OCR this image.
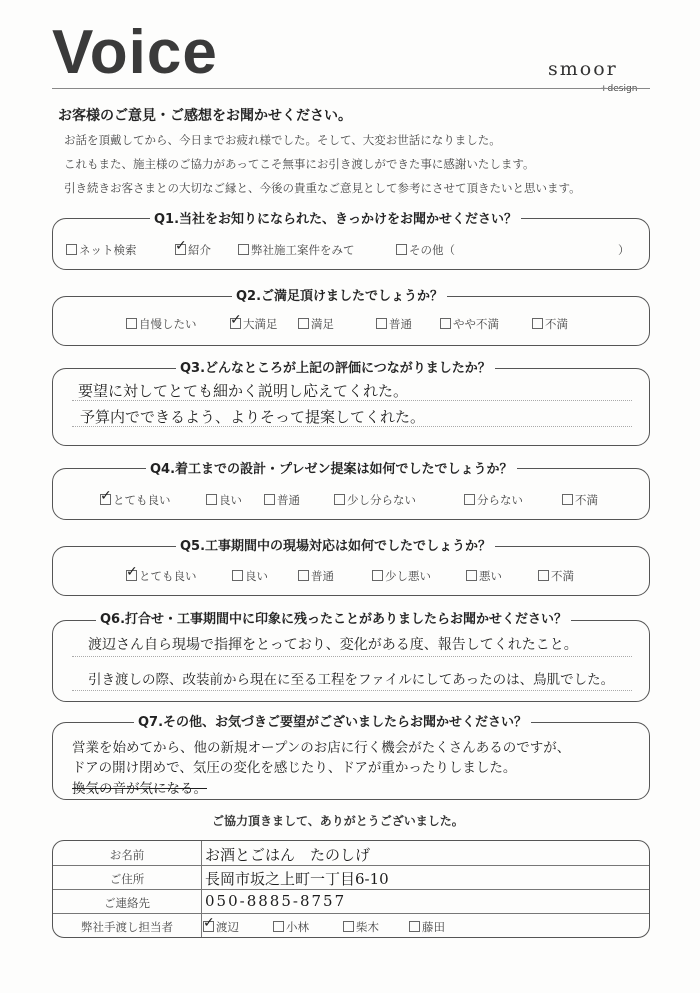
Voice	smoor
+design
お客様のご意見・ご感想をお聞かせください。
お話を頂戴してから、今日までお疲れ様でした。そして、大変お世話になりました。
これもまた、施主様のご協力があってこそ無事にお引き渡しができた事に感謝いたします。
引き続きお客さまとの大切なご縁と、今後の貴重なご意見として参考にさせて頂きたいと思います。
Q1.当社をお知りになられた、きっかけをお聞かせください？
ネット検索	✓ 紹介	弊社施工案件をみて	その他（	）
Q2.ご満足頂けましたでしょうか？
自慢したい ✓ 大満足	満足	普通	やや不満	不満
Q3.どんなところが上記の評価につながりましたか？
要望に対してとても細かく説明し応えてくれた。
予算内でできるよう、よりそって提案してくれた。
Q4.着工までの設計・プレゼン提案は如何でしたでしょうか？
✓ とても良い	良い	普通	少し分らない	分らない	不満
Q5.工事期間中の現場対応は如何でしたでしょうか？
✓ とても良い	良い	普通	少し悪い	悪い	不満
Q6.打合せ・工事期間中に印象に残ったことがありましたらお聞かせください？
渡辺さん自ら現場で指揮をとっており、変化がある度、報告してくれたこと。
引き渡しの際、改装前から現在に至る工程をファイルにしてあったのは、鳥肌でした。
Q7.その他、お気づきご要望がございましたらお聞かせください？
営業を始めてから、他の新規オープンのお店に行く機会がたくさんあるのですが、
ドアの開け閉めで、気圧の変化を感じたり、ドアが重かったりしました。
換気の音が気になる。
ご協力頂きまして、ありがとうございました。
お名前	お酒とごはん　たのしげ
ご住所	長岡市坂之上町一丁目6-10
ご連絡先	050-8885-8757
弊社手渡し担当者	✓ 渡辺	小林	柴木	藤田
